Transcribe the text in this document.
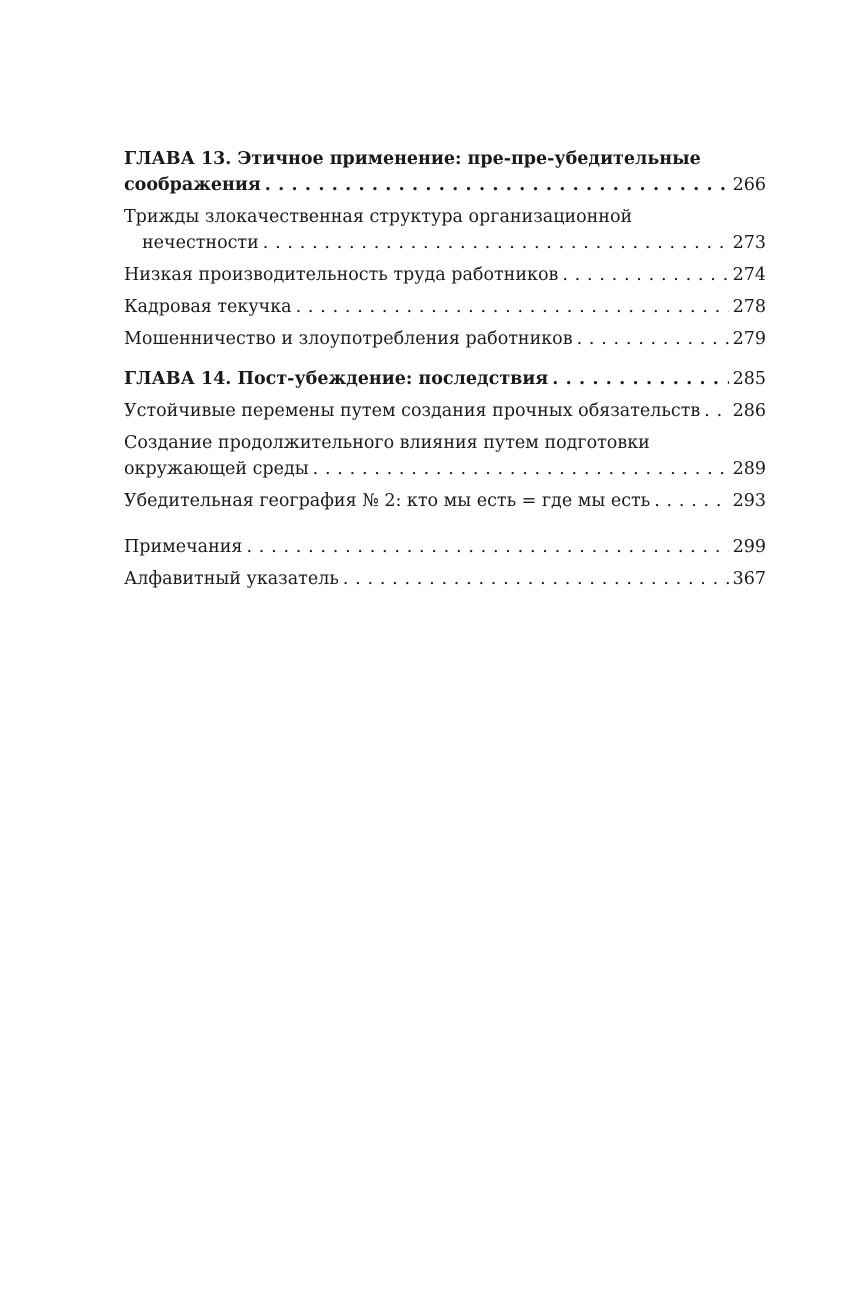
ГЛАВА 13. Этичное применение: пре-пре-убедительные
соображения . . .	266
Трижды злокачественная структура организационной
нечестности . . .	273
Низкая производительность труда работников . . .	274
Кадровая текучка . . .	278
Мошенничество и злоупотребления работников . . .	279
ГЛАВА 14. Пост-убеждение: последствия . . .	285
Устойчивые перемены путем создания прочных обязательств . . . 286
Создание продолжительного влияния путем подготовки
окружающей среды . . .	289
Убедительная география № 2: кто мы есть = где мы есть . . .	293
Примечания . . .	299
Алфавитный указатель . . .	367
